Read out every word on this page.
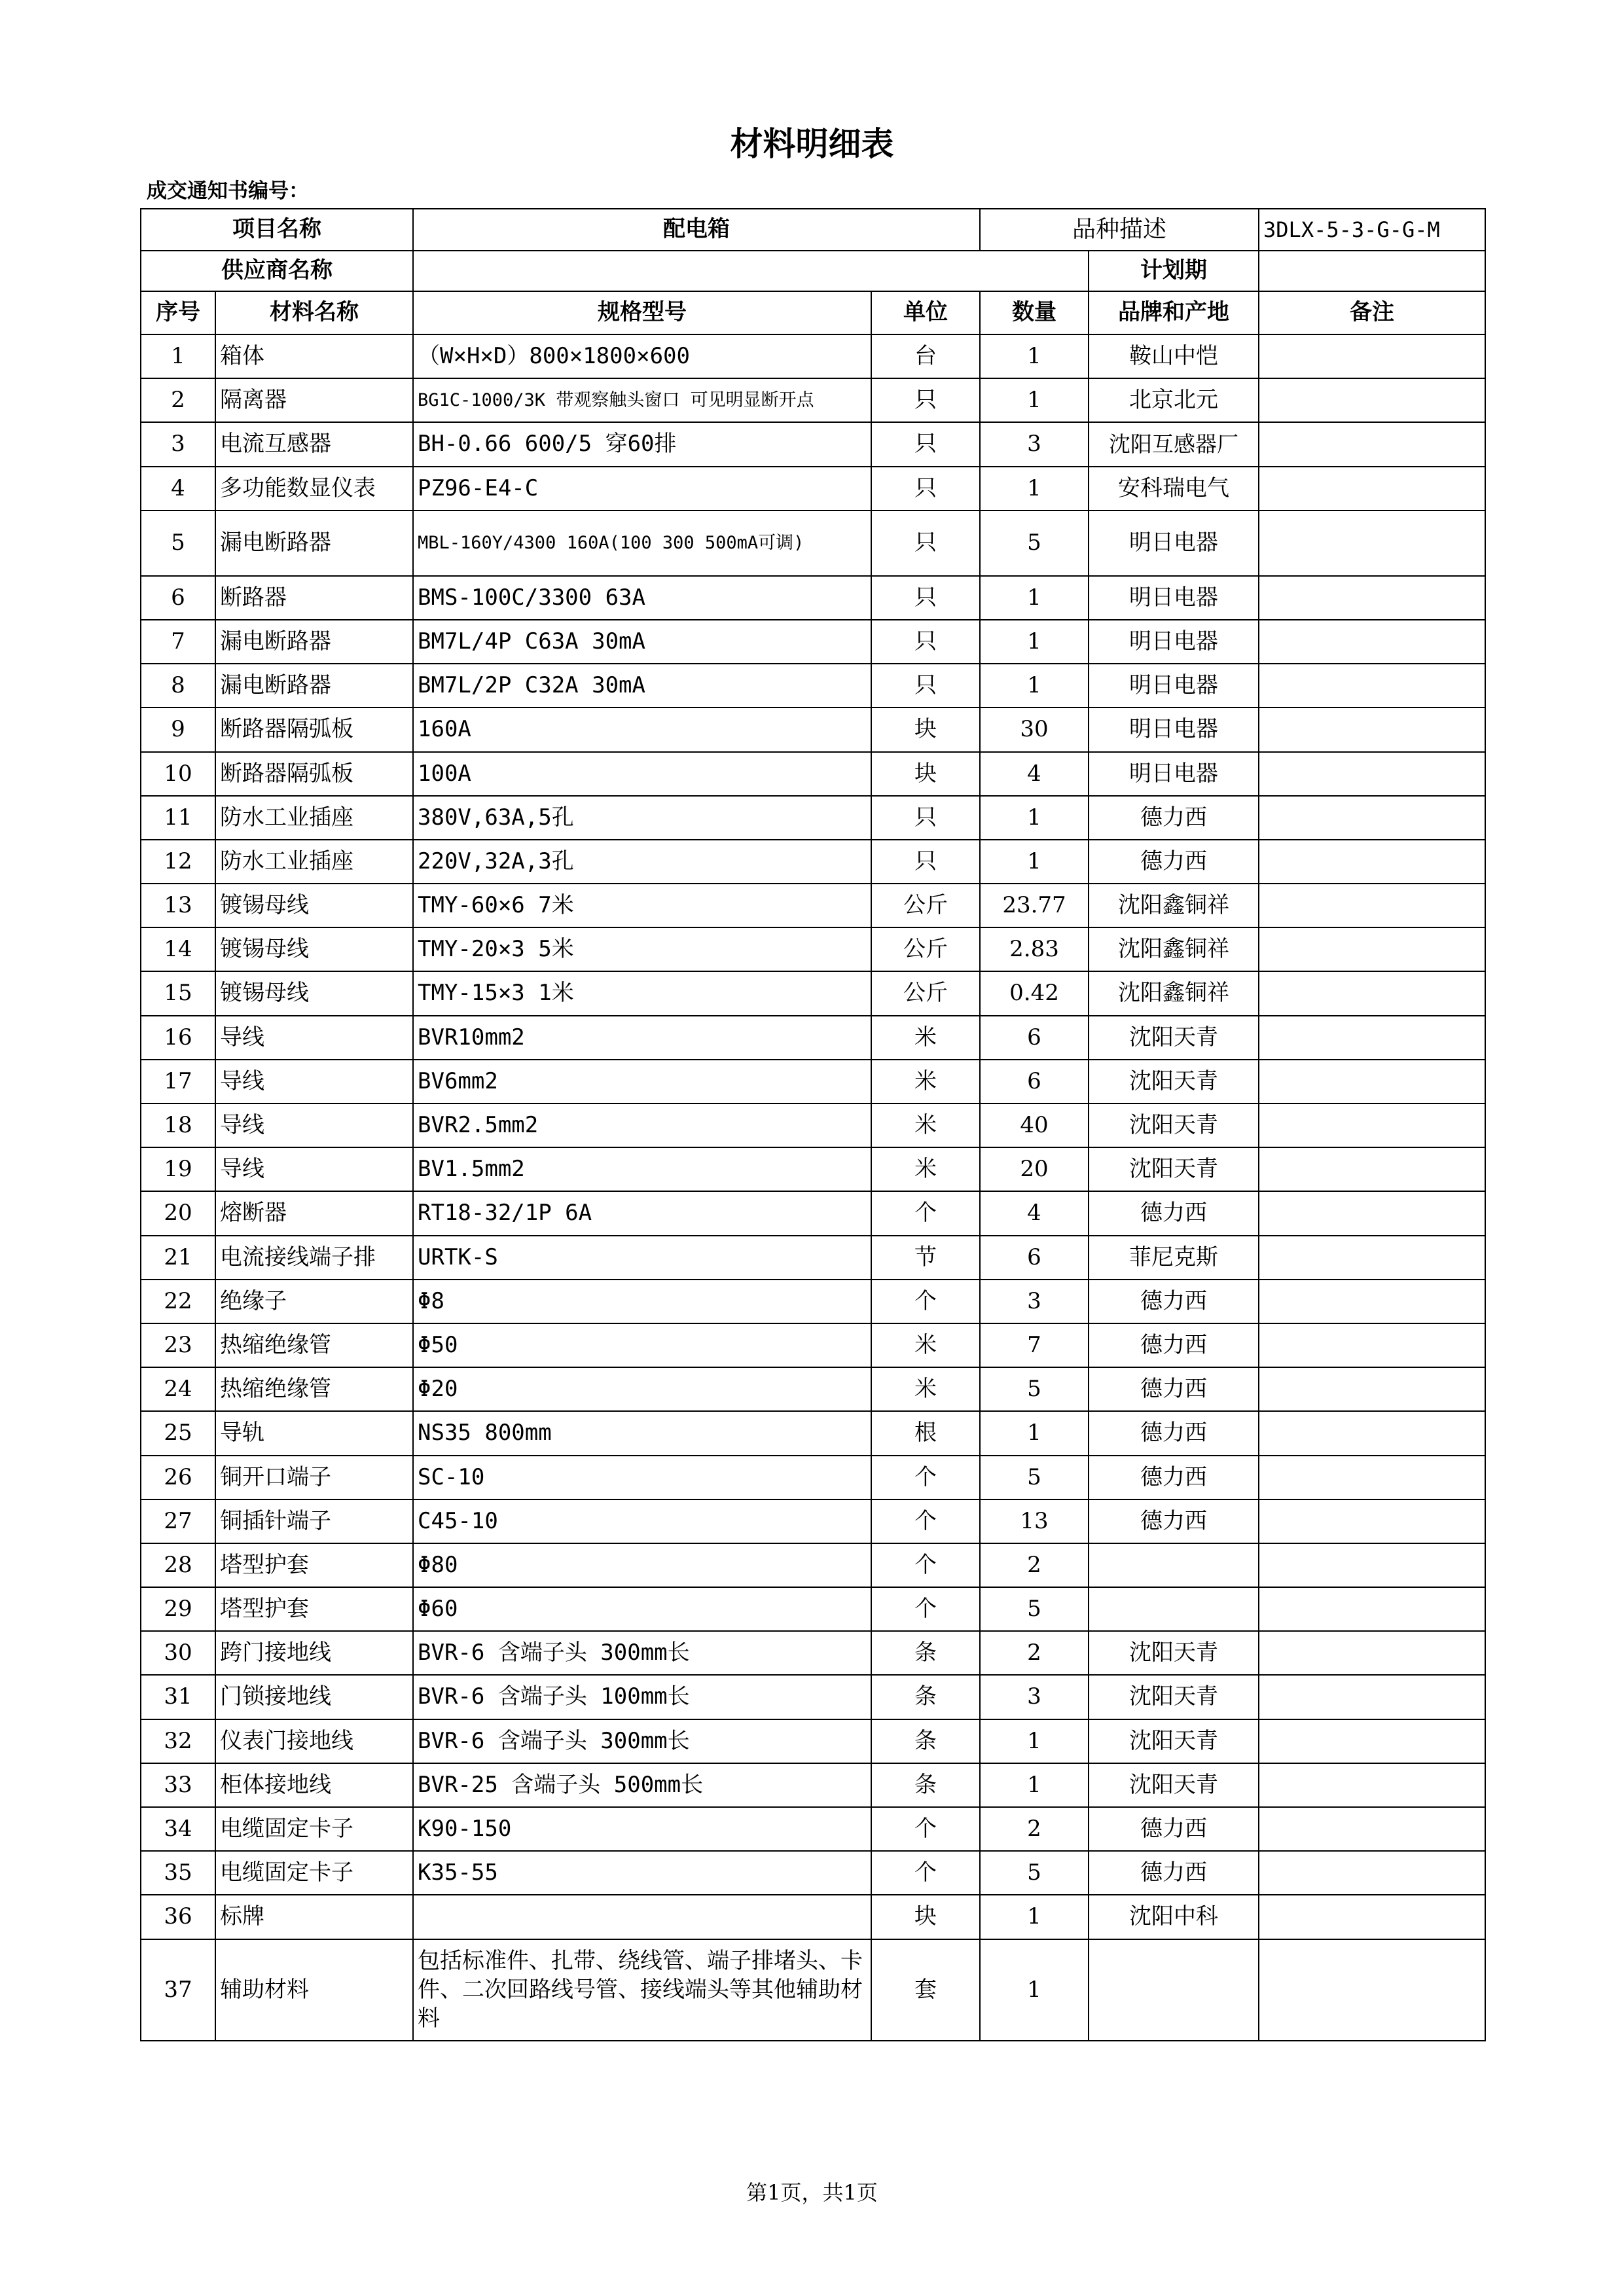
材料明细表
成交通知书编号：
项目名称		配电箱		品种描述		3DLX-5-3-G-G-M
供应商名称					计划期	
序号	材料名称	规格型号	单位	数量	品牌和产地	备注
1	箱体	（W×H×D）800×1800×600	台	1	鞍山中恺	
2	隔离器	BG1C-1000/3K 带观察触头窗口 可见明显断开点	只	1	北京北元	
3	电流互感器	BH-0.66 600/5 穿60排	只	3	沈阳互感器厂	
4	多功能数显仪表	PZ96-E4-C	只	1	安科瑞电气	
5	漏电断路器	MBL-160Y/4300 160A(100 300 500mA可调)	只	5	明日电器	
6	断路器	BMS-100C/3300 63A	只	1	明日电器	
7	漏电断路器	BM7L/4P C63A 30mA	只	1	明日电器	
8	漏电断路器	BM7L/2P C32A 30mA	只	1	明日电器	
9	断路器隔弧板	160A	块	30	明日电器	
10	断路器隔弧板	100A	块	4	明日电器	
11	防水工业插座	380V,63A,5孔	只	1	德力西	
12	防水工业插座	220V,32A,3孔	只	1	德力西	
13	镀锡母线	TMY-60×6 7米	公斤	23.77	沈阳鑫铜祥	
14	镀锡母线	TMY-20×3 5米	公斤	2.83	沈阳鑫铜祥	
15	镀锡母线	TMY-15×3 1米	公斤	0.42	沈阳鑫铜祥	
16	导线	BVR10mm2	米	6	沈阳天青	
17	导线	BV6mm2	米	6	沈阳天青	
18	导线	BVR2.5mm2	米	40	沈阳天青	
19	导线	BV1.5mm2	米	20	沈阳天青	
20	熔断器	RT18-32/1P 6A	个	4	德力西	
21	电流接线端子排	URTK-S	节	6	菲尼克斯	
22	绝缘子	Φ8	个	3	德力西	
23	热缩绝缘管	Φ50	米	7	德力西	
24	热缩绝缘管	Φ20	米	5	德力西	
25	导轨	NS35 800mm	根	1	德力西	
26	铜开口端子	SC-10	个	5	德力西	
27	铜插针端子	C45-10	个	13	德力西	
28	塔型护套	Φ80	个	2		
29	塔型护套	Φ60	个	5		
30	跨门接地线	BVR-6 含端子头 300mm长	条	2	沈阳天青	
31	门锁接地线	BVR-6 含端子头 100mm长	条	3	沈阳天青	
32	仪表门接地线	BVR-6 含端子头 300mm长	条	1	沈阳天青	
33	柜体接地线	BVR-25 含端子头 500mm长	条	1	沈阳天青	
34	电缆固定卡子	K90-150	个	2	德力西	
35	电缆固定卡子	K35-55	个	5	德力西	
36	标牌		块	1	沈阳中科	
37	辅助材料	包括标准件、扎带、绕线管、端子排堵头、卡件、二次回路线号管、接线端头等其他辅助材料	套	1		
第1页，共1页
